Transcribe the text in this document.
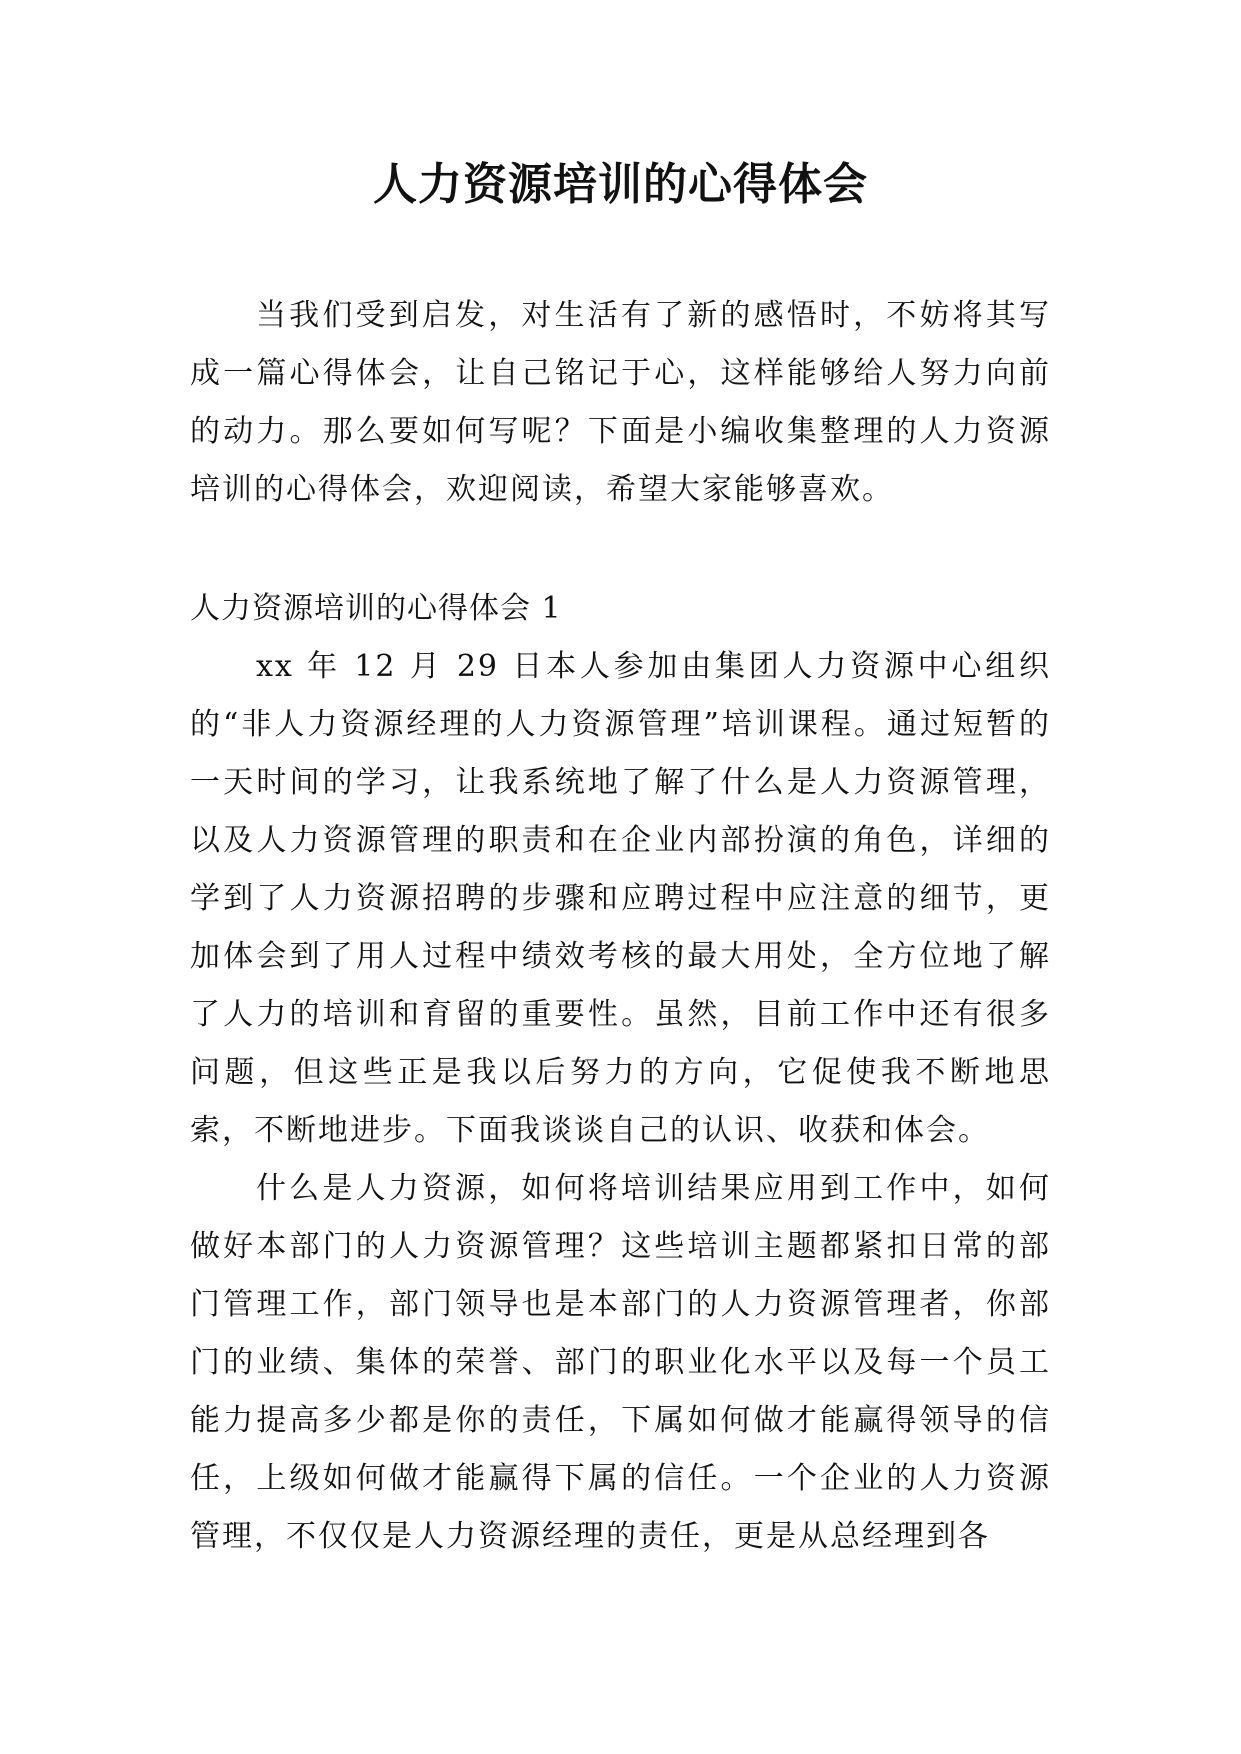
人力资源培训的心得体会

当我们受到启发，对生活有了新的感悟时，不妨将其写成一篇心得体会，让自己铭记于心，这样能够给人努力向前的动力。那么要如何写呢？下面是小编收集整理的人力资源培训的心得体会，欢迎阅读，希望大家能够喜欢。

人力资源培训的心得体会 1

xx 年 12 月 29 日本人参加由集团人力资源中心组织的“非人力资源经理的人力资源管理”培训课程。通过短暂的一天时间的学习，让我系统地了解了什么是人力资源管理，以及人力资源管理的职责和在企业内部扮演的角色，详细的学到了人力资源招聘的步骤和应聘过程中应注意的细节，更加体会到了用人过程中绩效考核的最大用处，全方位地了解了人力的培训和育留的重要性。虽然，目前工作中还有很多问题，但这些正是我以后努力的方向，它促使我不断地思索，不断地进步。下面我谈谈自己的认识、收获和体会。

什么是人力资源，如何将培训结果应用到工作中，如何做好本部门的人力资源管理？这些培训主题都紧扣日常的部门管理工作，部门领导也是本部门的人力资源管理者，你部门的业绩、集体的荣誉、部门的职业化水平以及每一个员工能力提高多少都是你的责任，下属如何做才能赢得领导的信任，上级如何做才能赢得下属的信任。一个企业的人力资源管理，不仅仅是人力资源经理的责任，更是从总经理到各
